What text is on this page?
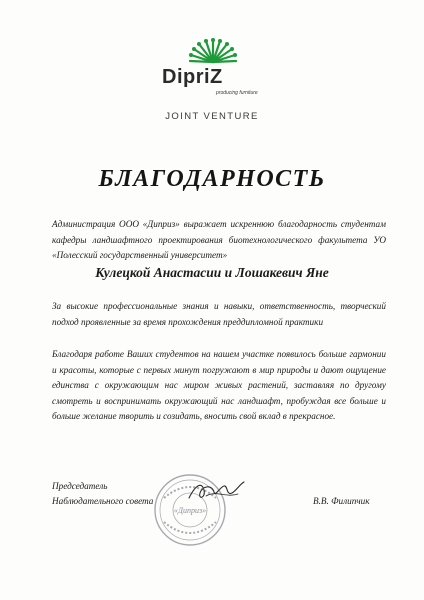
DipriZ
producing furniture
JOINT VENTURE
БЛАГОДАРНОСТЬ

Администрация ООО «Диприз» выражает искреннюю благодарность студентам кафедры ландшафтного проектирования биотехнологического факультета УО «Полесский государственный университет»

Кулецкой Анастасии и Лошакевич Яне

За высокие профессиональные знания и навыки, ответственность, творческий подход проявленные за время прохождения преддипломной практики

Благодаря работе Ваших студентов на нашем участке появилось больше гармонии и красоты, которые с первых минут погружают в мир природы и дают ощущение единства с окружающим нас миром живых растений, заставляя по другому смотреть и воспринимать окружающий нас ландшафт, пробуждая все больше и больше желание творить и созидать, вносить свой вклад в прекрасное.

Председатель
Наблюдательного совета	В.В. Филипчик
«Диприз»
